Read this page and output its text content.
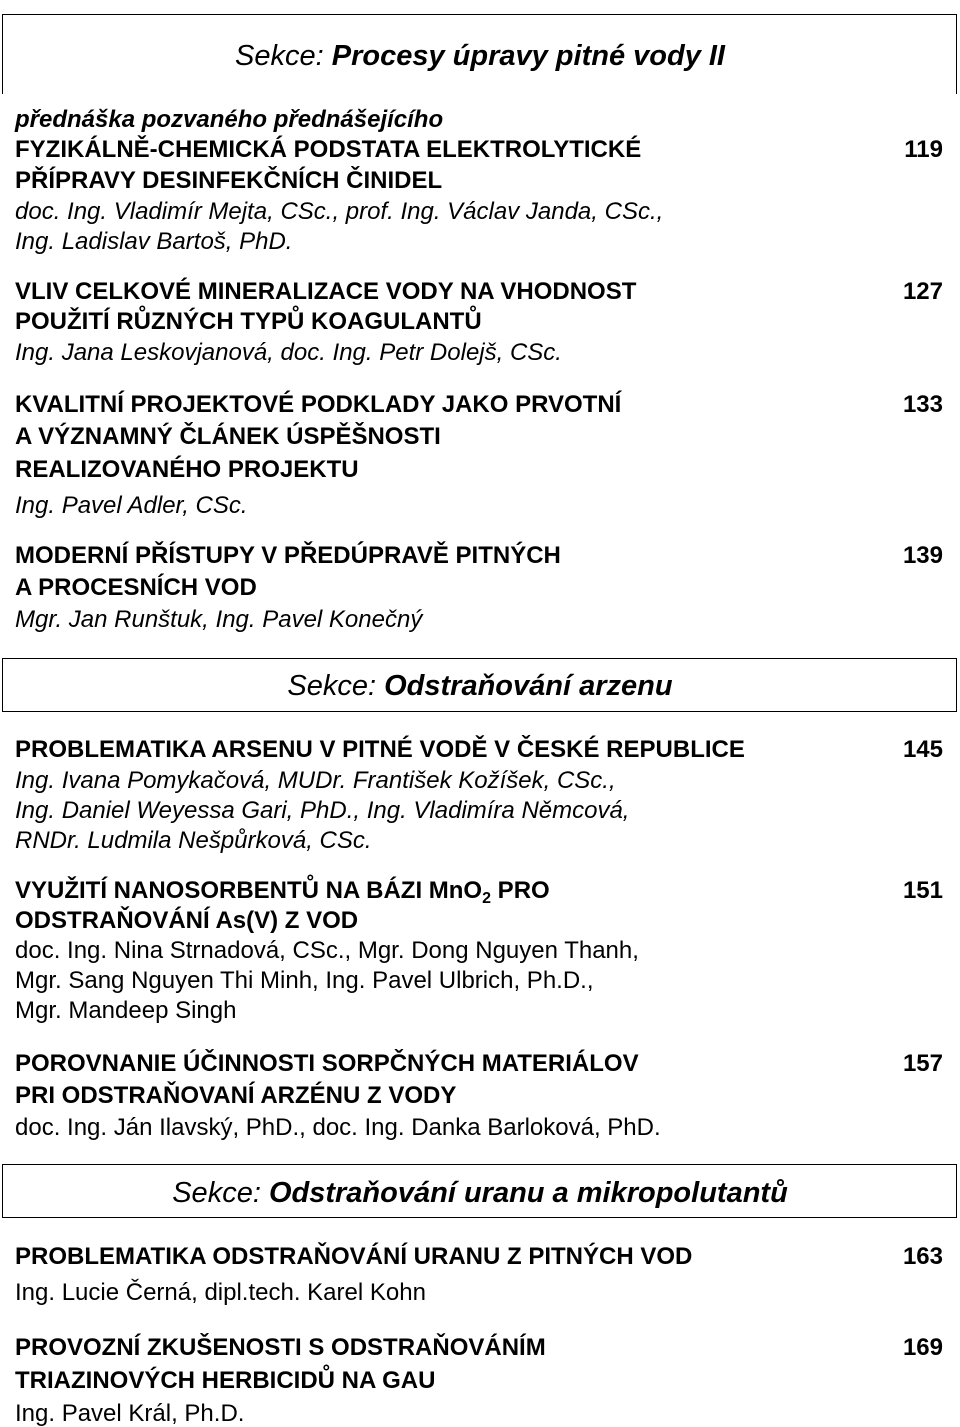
Sekce: Procesy úpravy pitné vody II
přednáška pozvaného přednášejícího
FYZIKÁLNĚ-CHEMICKÁ PODSTATA ELEKTROLYTICKÉ	119
PŘÍPRAVY DESINFEKČNÍCH ČINIDEL
doc. Ing. Vladimír Mejta, CSc., prof. Ing. Václav Janda, CSc.,
Ing. Ladislav Bartoš, PhD.
VLIV CELKOVÉ MINERALIZACE VODY NA VHODNOST	127
POUŽITÍ RŮZNÝCH TYPŮ KOAGULANTŮ
Ing. Jana Leskovjanová, doc. Ing. Petr Dolejš, CSc.
KVALITNÍ PROJEKTOVÉ PODKLADY JAKO PRVOTNÍ	133
A VÝZNAMNÝ ČLÁNEK ÚSPĚŠNOSTI
REALIZOVANÉHO PROJEKTU
Ing. Pavel Adler, CSc.
MODERNÍ PŘÍSTUPY V PŘEDÚPRAVĚ PITNÝCH	139
A PROCESNÍCH VOD
Mgr. Jan Runštuk, Ing. Pavel Konečný
Sekce: Odstraňování arzenu
PROBLEMATIKA ARSENU V PITNÉ VODĚ V ČESKÉ REPUBLICE	145
Ing. Ivana Pomykačová, MUDr. František Kožíšek, CSc.,
Ing. Daniel Weyessa Gari, PhD., Ing. Vladimíra Němcová,
RNDr. Ludmila Nešpůrková, CSc.
VYUŽITÍ NANOSORBENTŮ NA BÁZI MnO$_2$ PRO	151
ODSTRAŇOVÁNÍ As(V) Z VOD
doc. Ing. Nina Strnadová, CSc., Mgr. Dong Nguyen Thanh,
Mgr. Sang Nguyen Thi Minh, Ing. Pavel Ulbrich, Ph.D.,
Mgr. Mandeep Singh
POROVNANIE ÚČINNOSTI SORPČNÝCH MATERIÁLOV	157
PRI ODSTRAŇOVANÍ ARZÉNU Z VODY
doc. Ing. Ján Ilavský, PhD., doc. Ing. Danka Barloková, PhD.
Sekce: Odstraňování uranu a mikropolutantů
PROBLEMATIKA ODSTRAŇOVÁNÍ URANU Z PITNÝCH VOD	163
Ing. Lucie Černá, dipl.tech. Karel Kohn
PROVOZNÍ ZKUŠENOSTI S ODSTRAŇOVÁNÍM	169
TRIAZINOVÝCH HERBICIDŮ NA GAU
Ing. Pavel Král, Ph.D.
